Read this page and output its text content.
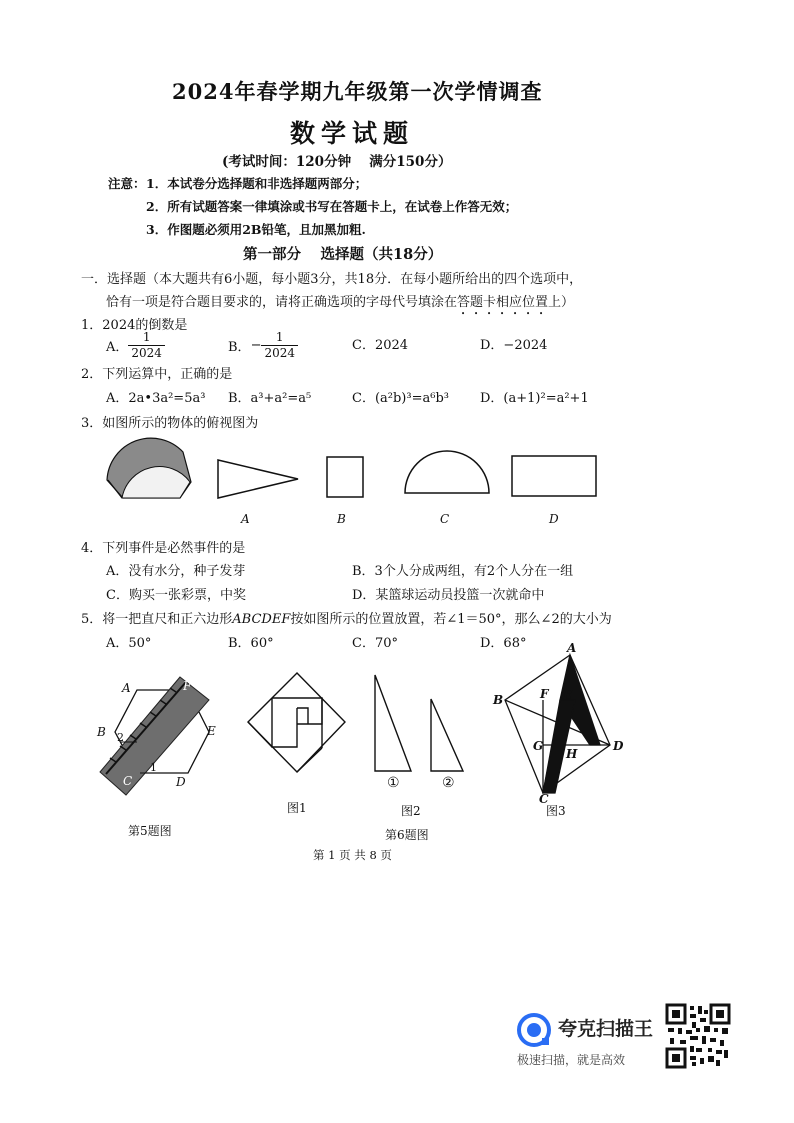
2024年春学期九年级第一次学情调查
数学试题
(考试时间：120分钟　 满分150分）
注意： 1．本试卷分选择题和非选择题两部分；
2．所有试题答案一律填涂或书写在答题卡上，在试卷上作答无效；
3．作图题必须用2B铅笔，且加黑加粗.
第一部分　 选择题（共18分）
一．选择题（本大题共有6小题，每小题3分，共18分．在每小题所给出的四个选项中，
恰有一项是符合题目要求的，请将正确选项的字母代号填涂在答题卡相应位置上）
1．2024的倒数是
A． $\frac{1}{2024}$	B．− $\frac{1}{2024}$	C．2024	D．−2024
2．下列运算中，正确的是
A．2a•3a²=5a³ B．a³+a²=a⁵	C．(a²b)³=a⁶b³ D．(a+1)²=a²+1
3．如图所示的物体的俯视图为
A	B	C	D
4．下列事件是必然事件的是
A．没有水分，种子发芽	B．3个人分成两组，有2个人分在一组
C．购买一张彩票，中奖	D．某篮球运动员投篮一次就命中
5．将一把直尺和正六边形ABCDEF按如图所示的位置放置，若∠1＝50°，那么∠2的大小为
A．50°	B．60°	C．70°	D．68°
A	F
B	E
C	D
1
2
①	②
A
B	F E
G
H
D
C
图1	图2	图3
第5题图	第6题图
第 1 页 共 8 页
夸克扫描王
极速扫描，就是高效
